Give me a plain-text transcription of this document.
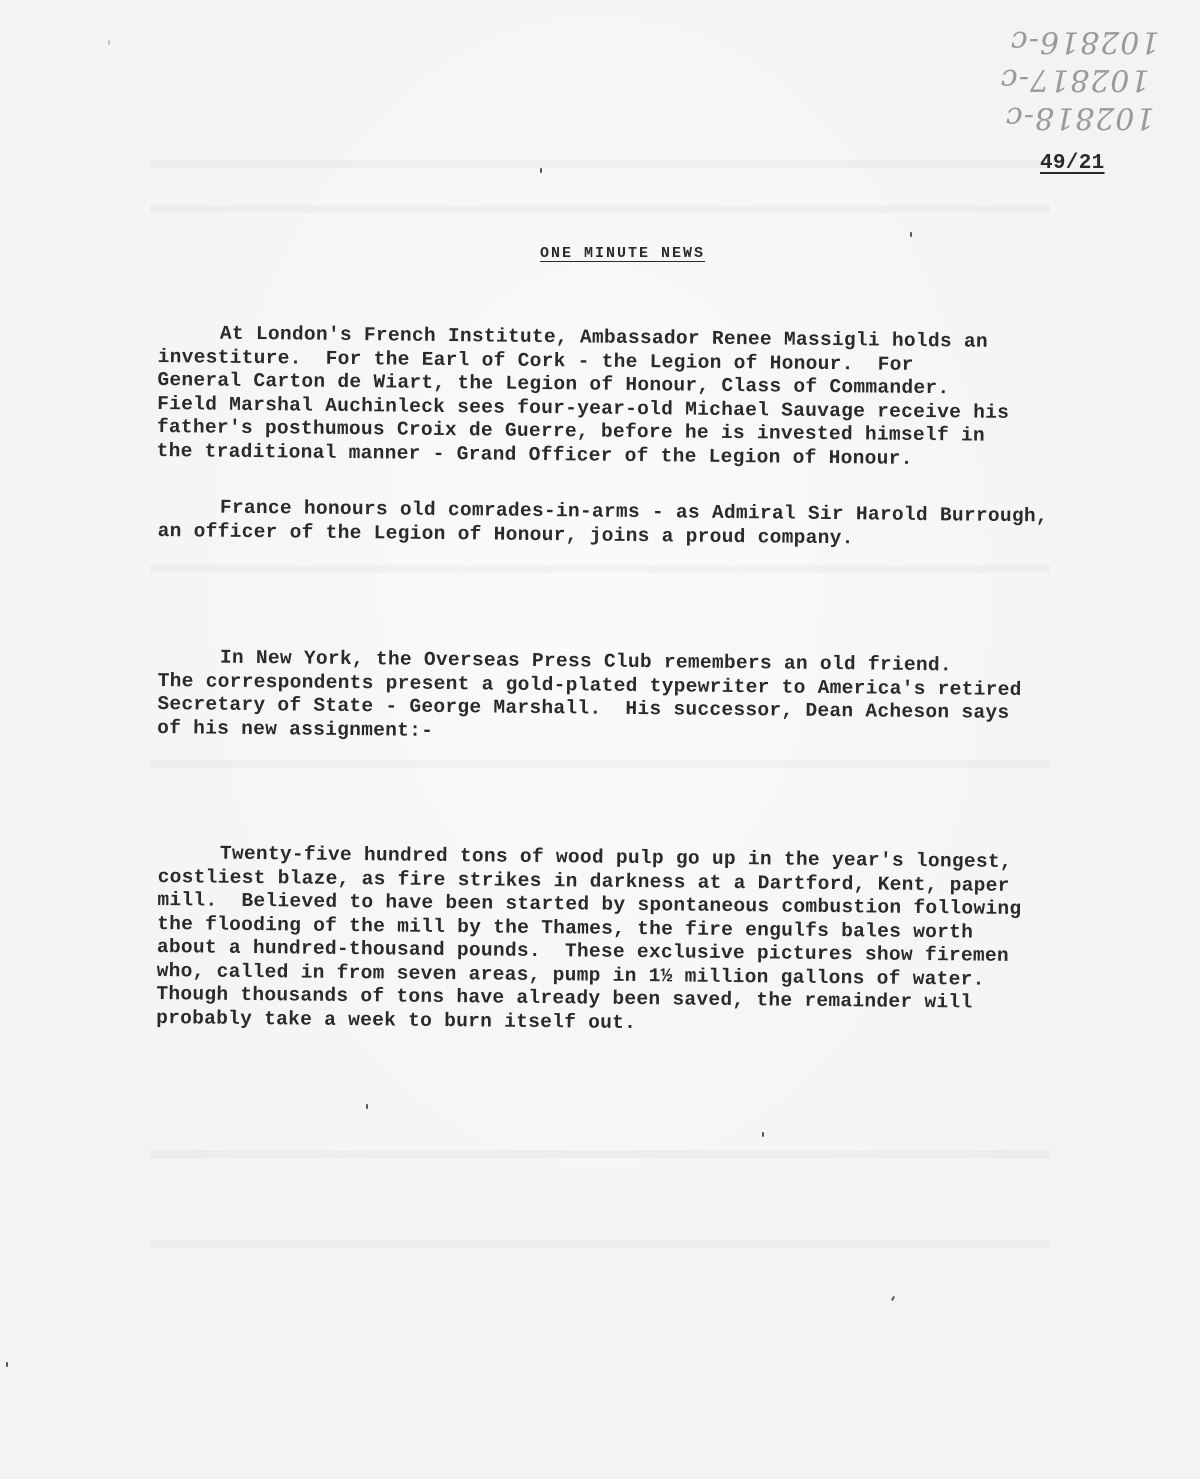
102816-c
102817-c
102818-c
49/21
ONE MINUTE NEWS
At London's French Institute, Ambassador Renee Massigli holds an
investiture.  For the Earl of Cork - the Legion of Honour.  For
General Carton de Wiart, the Legion of Honour, Class of Commander.
Field Marshal Auchinleck sees four-year-old Michael Sauvage receive his
father's posthumous Croix de Guerre, before he is invested himself in
the traditional manner - Grand Officer of the Legion of Honour.
France honours old comrades-in-arms - as Admiral Sir Harold Burrough,
an officer of the Legion of Honour, joins a proud company.
In New York, the Overseas Press Club remembers an old friend.
The correspondents present a gold-plated typewriter to America's retired
Secretary of State - George Marshall.  His successor, Dean Acheson says
of his new assignment:-
Twenty-five hundred tons of wood pulp go up in the year's longest,
costliest blaze, as fire strikes in darkness at a Dartford, Kent, paper
mill.  Believed to have been started by spontaneous combustion following
the flooding of the mill by the Thames, the fire engulfs bales worth
about a hundred-thousand pounds.  These exclusive pictures show firemen
who, called in from seven areas, pump in 1½ million gallons of water.
Though thousands of tons have already been saved, the remainder will
probably take a week to burn itself out.
